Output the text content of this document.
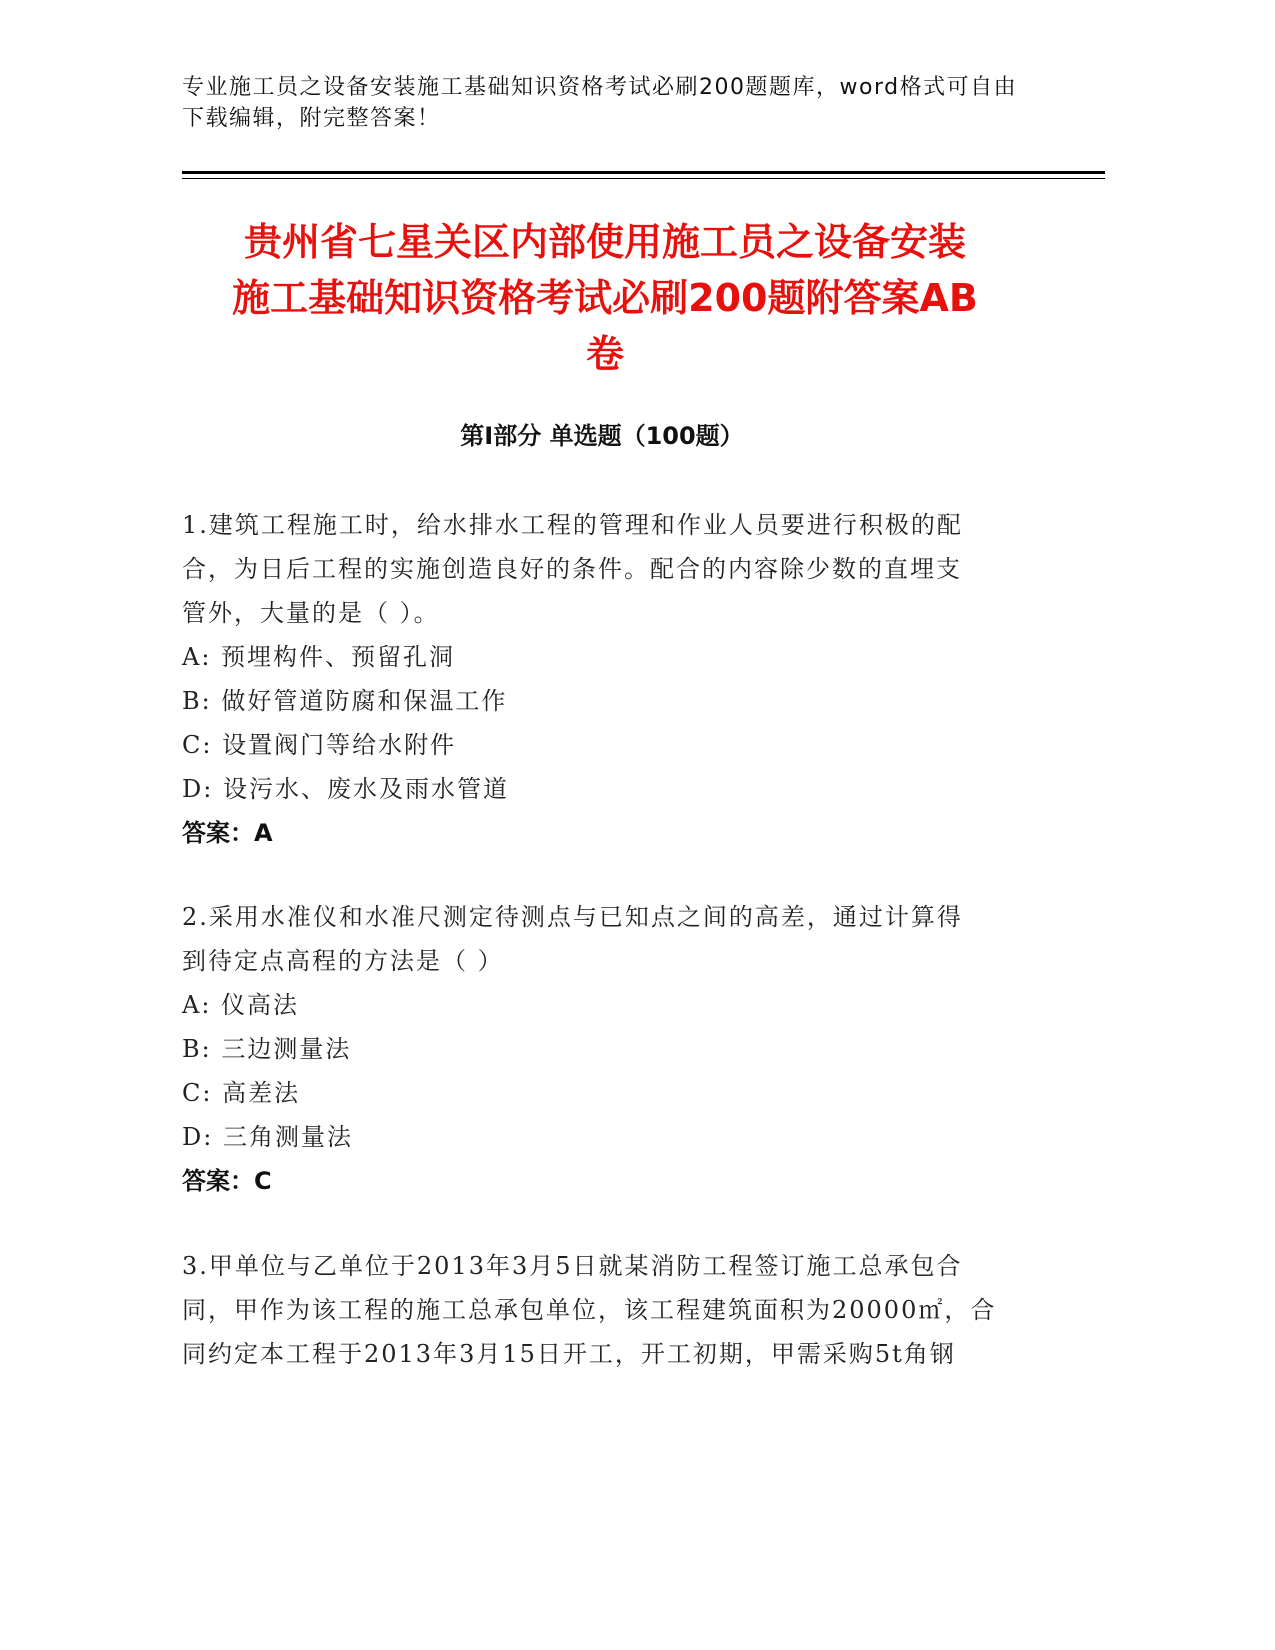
专业施工员之设备安装施工基础知识资格考试必刷200题题库，word格式可自由
下载编辑，附完整答案！
贵州省七星关区内部使用施工员之设备安装
施工基础知识资格考试必刷200题附答案AB
卷
第I部分 单选题（100题）
1.建筑工程施工时，给水排水工程的管理和作业人员要进行积极的配
合，为日后工程的实施创造良好的条件。配合的内容除少数的直埋支
管外，大量的是（ ）。
A: 预埋构件、预留孔洞
B: 做好管道防腐和保温工作
C: 设置阀门等给水附件
D: 设污水、废水及雨水管道
答案：A
2.采用水准仪和水准尺测定待测点与已知点之间的高差，通过计算得
到待定点高程的方法是（ ）
A: 仪高法
B: 三边测量法
C: 高差法
D: 三角测量法
答案：C
3.甲单位与乙单位于2013年3月5日就某消防工程签订施工总承包合
同，甲作为该工程的施工总承包单位，该工程建筑面积为20000㎡，合
同约定本工程于2013年3月15日开工，开工初期，甲需采购5t角钢
